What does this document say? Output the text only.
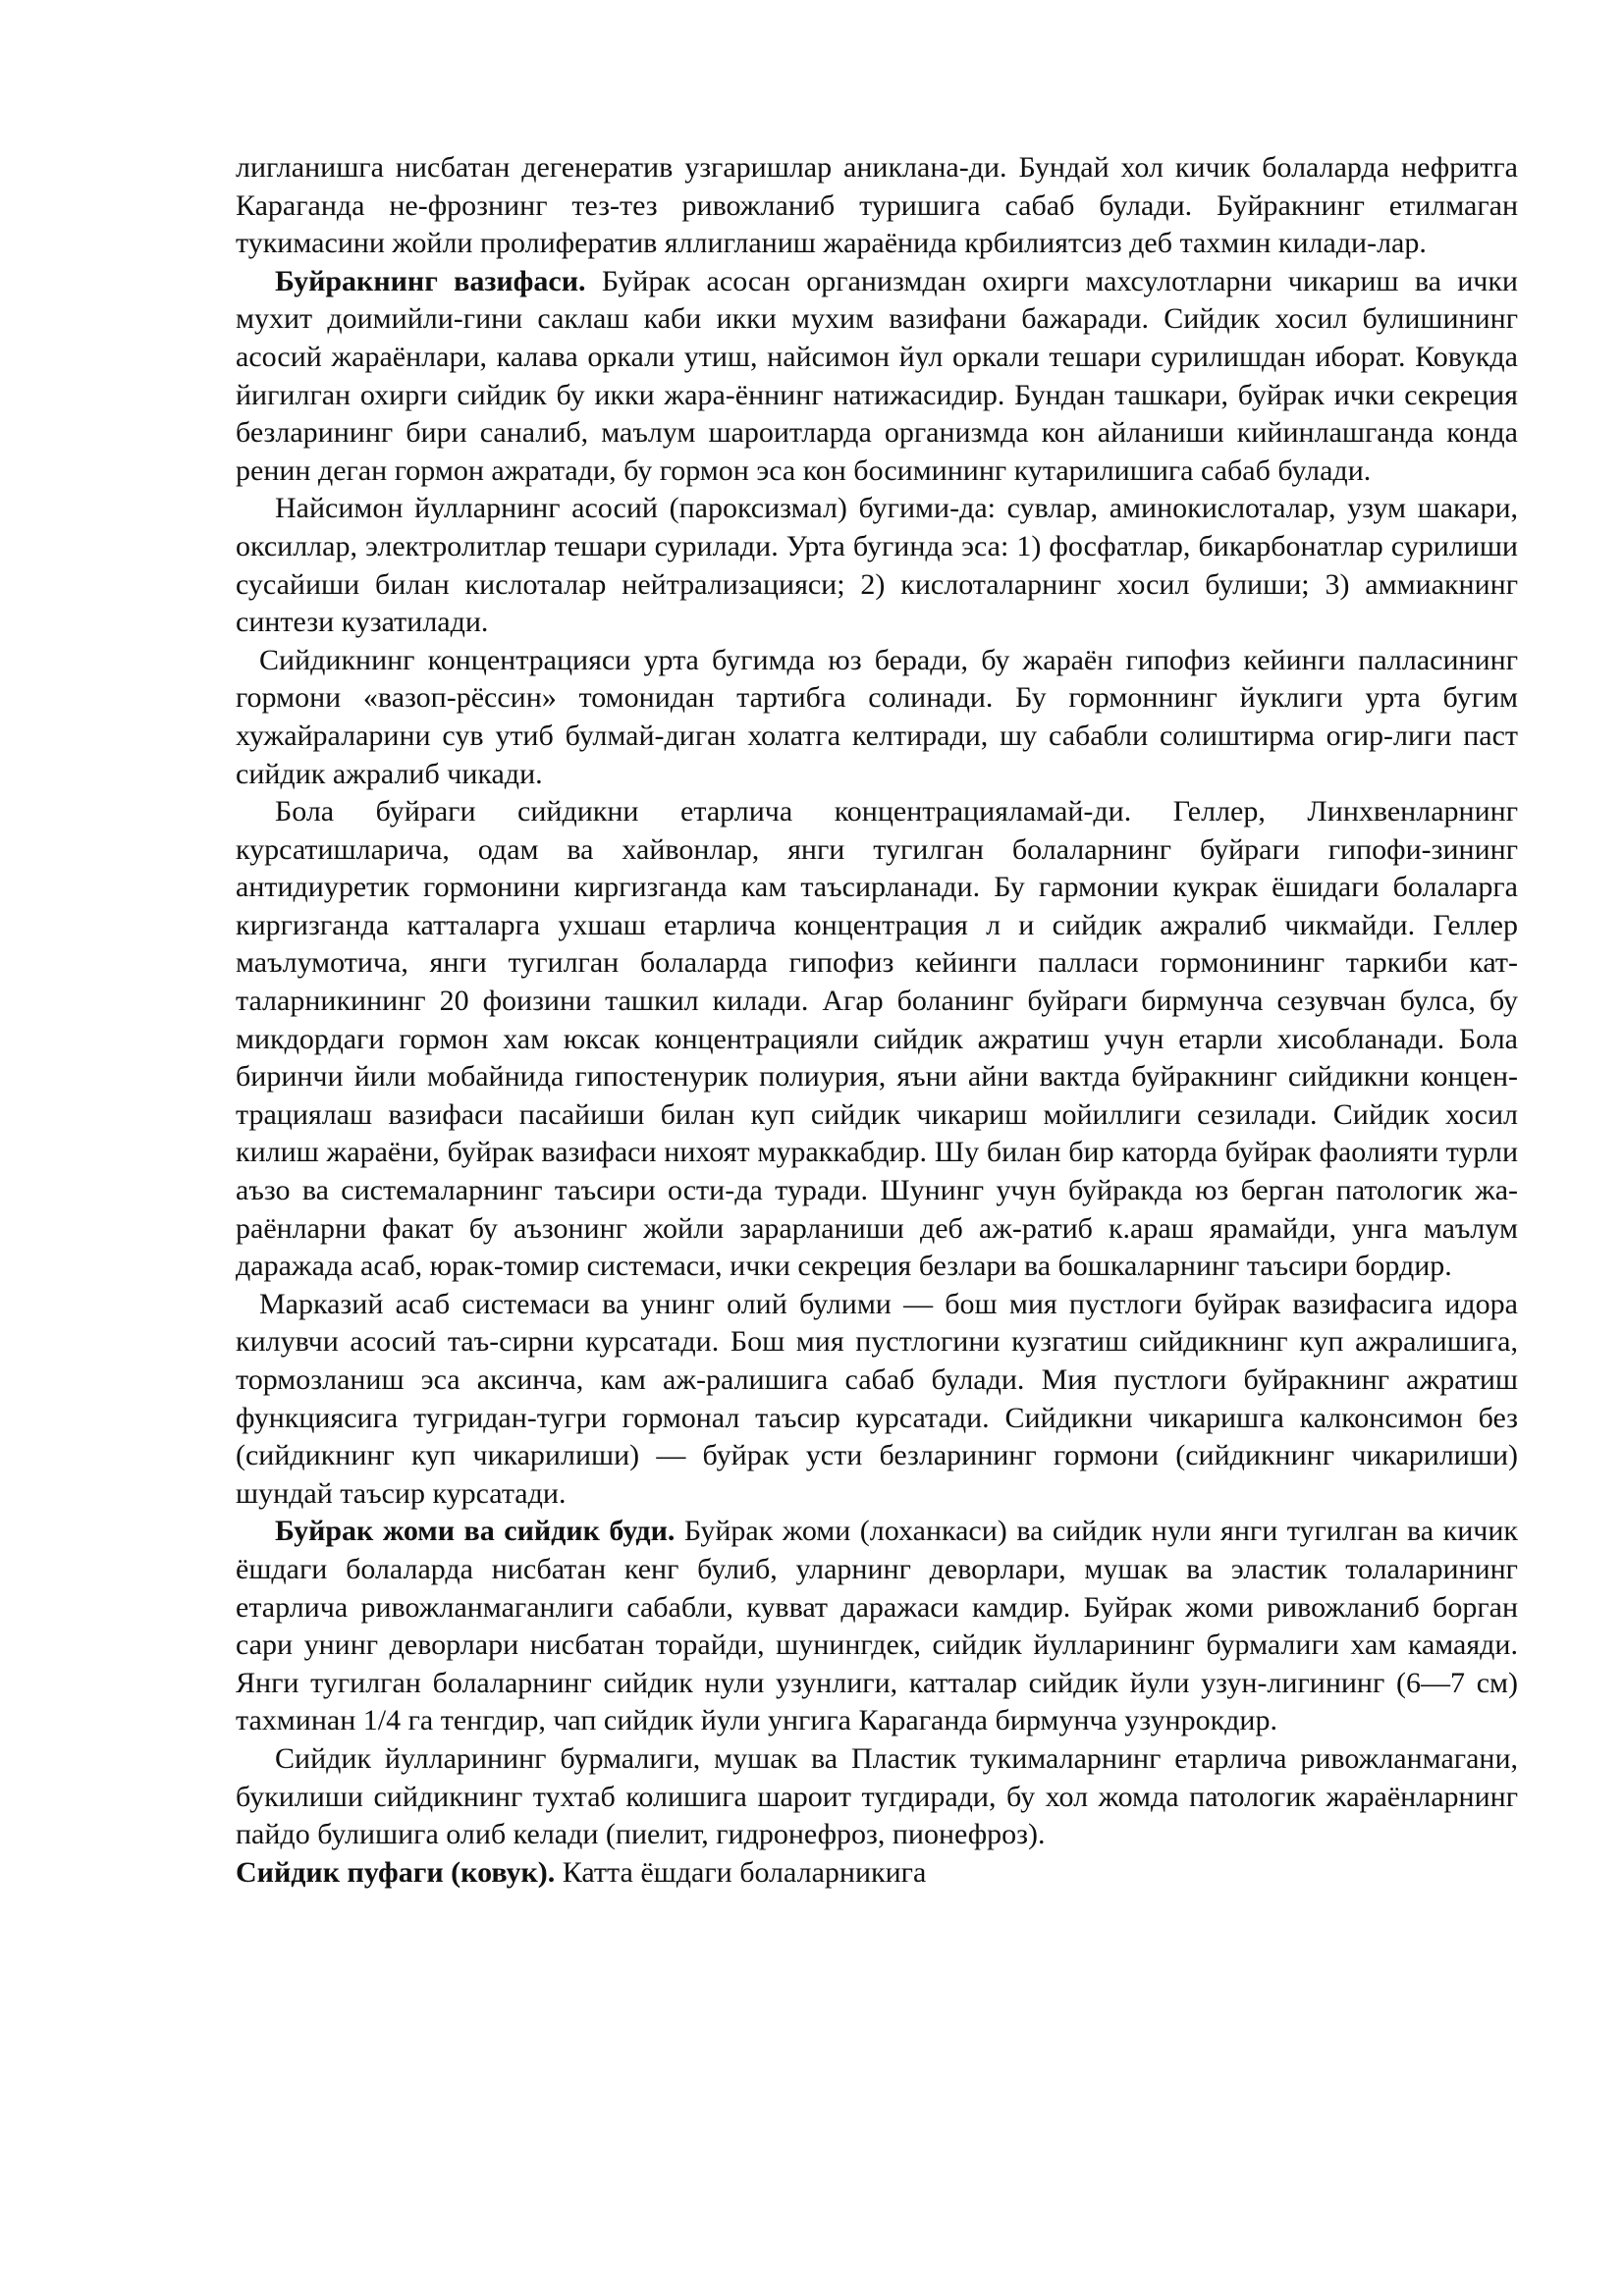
лигланишга нисбатан дегенератив узгаришлар аниклана-ди. Бундай хол кичик болаларда нефритга Караганда не-фрознинг тез-тез ривожланиб туришига сабаб булади. Буйракнинг етилмаган тукимасини жойли пролифератив яллигланиш жараёнида крбилиятсиз деб тахмин килади-лар.

Буйракнинг вазифаси. Буйрак асосан организмдан охирги махсулотларни чикариш ва ички мухит доимийли-гини саклаш каби икки мухим вазифани бажаради. Сийдик хосил булишининг асосий жараёнлари, калава оркали утиш, найсимон йул оркали тешари сурилишдан иборат. Ковукда йигилган охирги сийдик бу икки жара-ённинг натижасидир. Бундан ташкари, буйрак ички секреция безларининг бири саналиб, маълум шароитларда организмда кон айланиши кийинлашганда конда ренин деган гормон ажратади, бу гормон эса кон босимининг кутарилишига сабаб булади.

Найсимон йулларнинг асосий (пароксизмал) бугими-да: сувлар, аминокислоталар, узум шакари, оксиллар, электролитлар тешари сурилади. Урта бугинда эса: 1) фосфатлар, бикарбонатлар сурилиши сусайиши билан кислоталар нейтрализацияси; 2) кислоталарнинг хосил булиши; 3) аммиакнинг синтези кузатилади.

Сийдикнинг концентрацияси урта бугимда юз беради, бу жараён гипофиз кейинги палласининг гормони «вазоп-рёссин» томонидан тартибга солинади. Бу гормоннинг йуклиги урта бугим хужайраларини сув утиб булмай-диган холатга келтиради, шу сабабли солиштирма огир-лиги паст сийдик ажралиб чикади.

Бола буйраги сийдикни етарлича концентрацияламай-ди. Геллер, Линхвенларнинг курсатишларича, одам ва хайвонлар, янги тугилган болаларнинг буйраги гипофи-зининг антидиуретик гормонини киргизганда кам таъсирланади. Бу гармонии кукрак ёшидаги болаларга киргизганда катталарга ухшаш етарлича концентрация л и сийдик ажралиб чикмайди. Геллер маълумотича, янги тугилган болаларда гипофиз кейинги палласи гормонининг таркиби кат-таларникининг 20 фоизини ташкил килади. Агар боланинг буйраги бирмунча сезувчан булса, бу микдордаги гормон хам юксак концентрацияли сийдик ажратиш учун етарли хисобланади. Бола биринчи йили мобайнида гипостенурик полиурия, яъни айни вактда буйракнинг сийдикни концен-трациялаш вазифаси пасайиши билан куп сийдик чикариш мойиллиги сезилади. Сийдик хосил килиш жараёни, буйрак вазифаси нихоят мураккабдир. Шу билан бир каторда буйрак фаолияти турли аъзо ва системаларнинг таъсири ости-да туради. Шунинг учун буйракда юз берган патологик жа-раёнларни факат бу аъзонинг жойли зарарланиши деб аж-ратиб к.араш ярамайди, унга маълум даражада асаб, юрак-томир системаси, ички секреция безлари ва бошкаларнинг таъсири бордир.

Марказий асаб системаси ва унинг олий булими — бош мия пустлоги буйрак вазифасига идора килувчи асосий таъ-сирни курсатади. Бош мия пустлогини кузгатиш сийдикнинг куп ажралишига, тормозланиш эса аксинча, кам аж-ралишига сабаб булади. Мия пустлоги буйракнинг ажратиш функциясига тугридан-тугри гормонал таъсир курсатади. Сийдикни чикаришга калконсимон без (сийдикнинг куп чикарилиши) — буйрак усти безларининг гормони (сийдикнинг чикарилиши) шундай таъсир курсатади.

Буйрак жоми ва сийдик буди. Буйрак жоми (лоханкаси) ва сийдик нули янги тугилган ва кичик ёшдаги болаларда нисбатан кенг булиб, уларнинг деворлари, мушак ва эластик толаларининг етарлича ривожланмаганлиги сабабли, кувват даражаси камдир. Буйрак жоми ривожланиб борган сари унинг деворлари нисбатан торайди, шунингдек, сийдик йулларининг бурмалиги хам камаяди. Янги тугилган болаларнинг сийдик нули узунлиги, катталар сийдик йули узун-лигининг (6—7 см) тахминан 1/4 га тенгдир, чап сийдик йули унгига Караганда бирмунча узунрокдир.

Сийдик йулларининг бурмалиги, мушак ва Пластик тукималарнинг етарлича ривожланмагани, букилиши сийдикнинг тухтаб колишига шароит тугдиради, бу хол жомда патологик жараёнларнинг пайдо булишига олиб келади (пиелит, гидронефроз, пионефроз).

Сийдик пуфаги (ковук). Катта ёшдаги болаларникига
